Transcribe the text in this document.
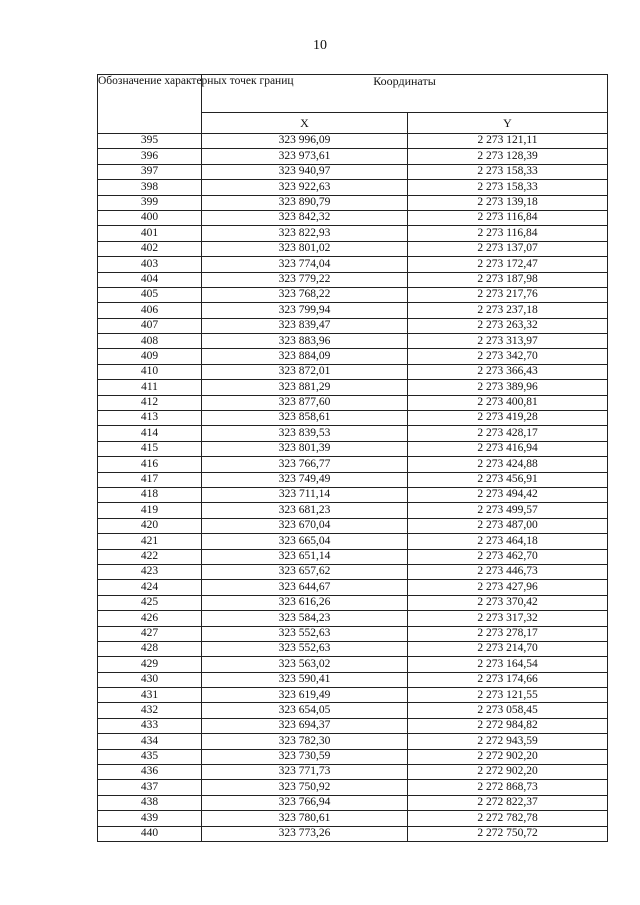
10
Обозначение характерных точек границ	Координаты	
	X	Y
395	323 996,09	2 273 121,11
396	323 973,61	2 273 128,39
397	323 940,97	2 273 158,33
398	323 922,63	2 273 158,33
399	323 890,79	2 273 139,18
400	323 842,32	2 273 116,84
401	323 822,93	2 273 116,84
402	323 801,02	2 273 137,07
403	323 774,04	2 273 172,47
404	323 779,22	2 273 187,98
405	323 768,22	2 273 217,76
406	323 799,94	2 273 237,18
407	323 839,47	2 273 263,32
408	323 883,96	2 273 313,97
409	323 884,09	2 273 342,70
410	323 872,01	2 273 366,43
411	323 881,29	2 273 389,96
412	323 877,60	2 273 400,81
413	323 858,61	2 273 419,28
414	323 839,53	2 273 428,17
415	323 801,39	2 273 416,94
416	323 766,77	2 273 424,88
417	323 749,49	2 273 456,91
418	323 711,14	2 273 494,42
419	323 681,23	2 273 499,57
420	323 670,04	2 273 487,00
421	323 665,04	2 273 464,18
422	323 651,14	2 273 462,70
423	323 657,62	2 273 446,73
424	323 644,67	2 273 427,96
425	323 616,26	2 273 370,42
426	323 584,23	2 273 317,32
427	323 552,63	2 273 278,17
428	323 552,63	2 273 214,70
429	323 563,02	2 273 164,54
430	323 590,41	2 273 174,66
431	323 619,49	2 273 121,55
432	323 654,05	2 273 058,45
433	323 694,37	2 272 984,82
434	323 782,30	2 272 943,59
435	323 730,59	2 272 902,20
436	323 771,73	2 272 902,20
437	323 750,92	2 272 868,73
438	323 766,94	2 272 822,37
439	323 780,61	2 272 782,78
440	323 773,26	2 272 750,72
